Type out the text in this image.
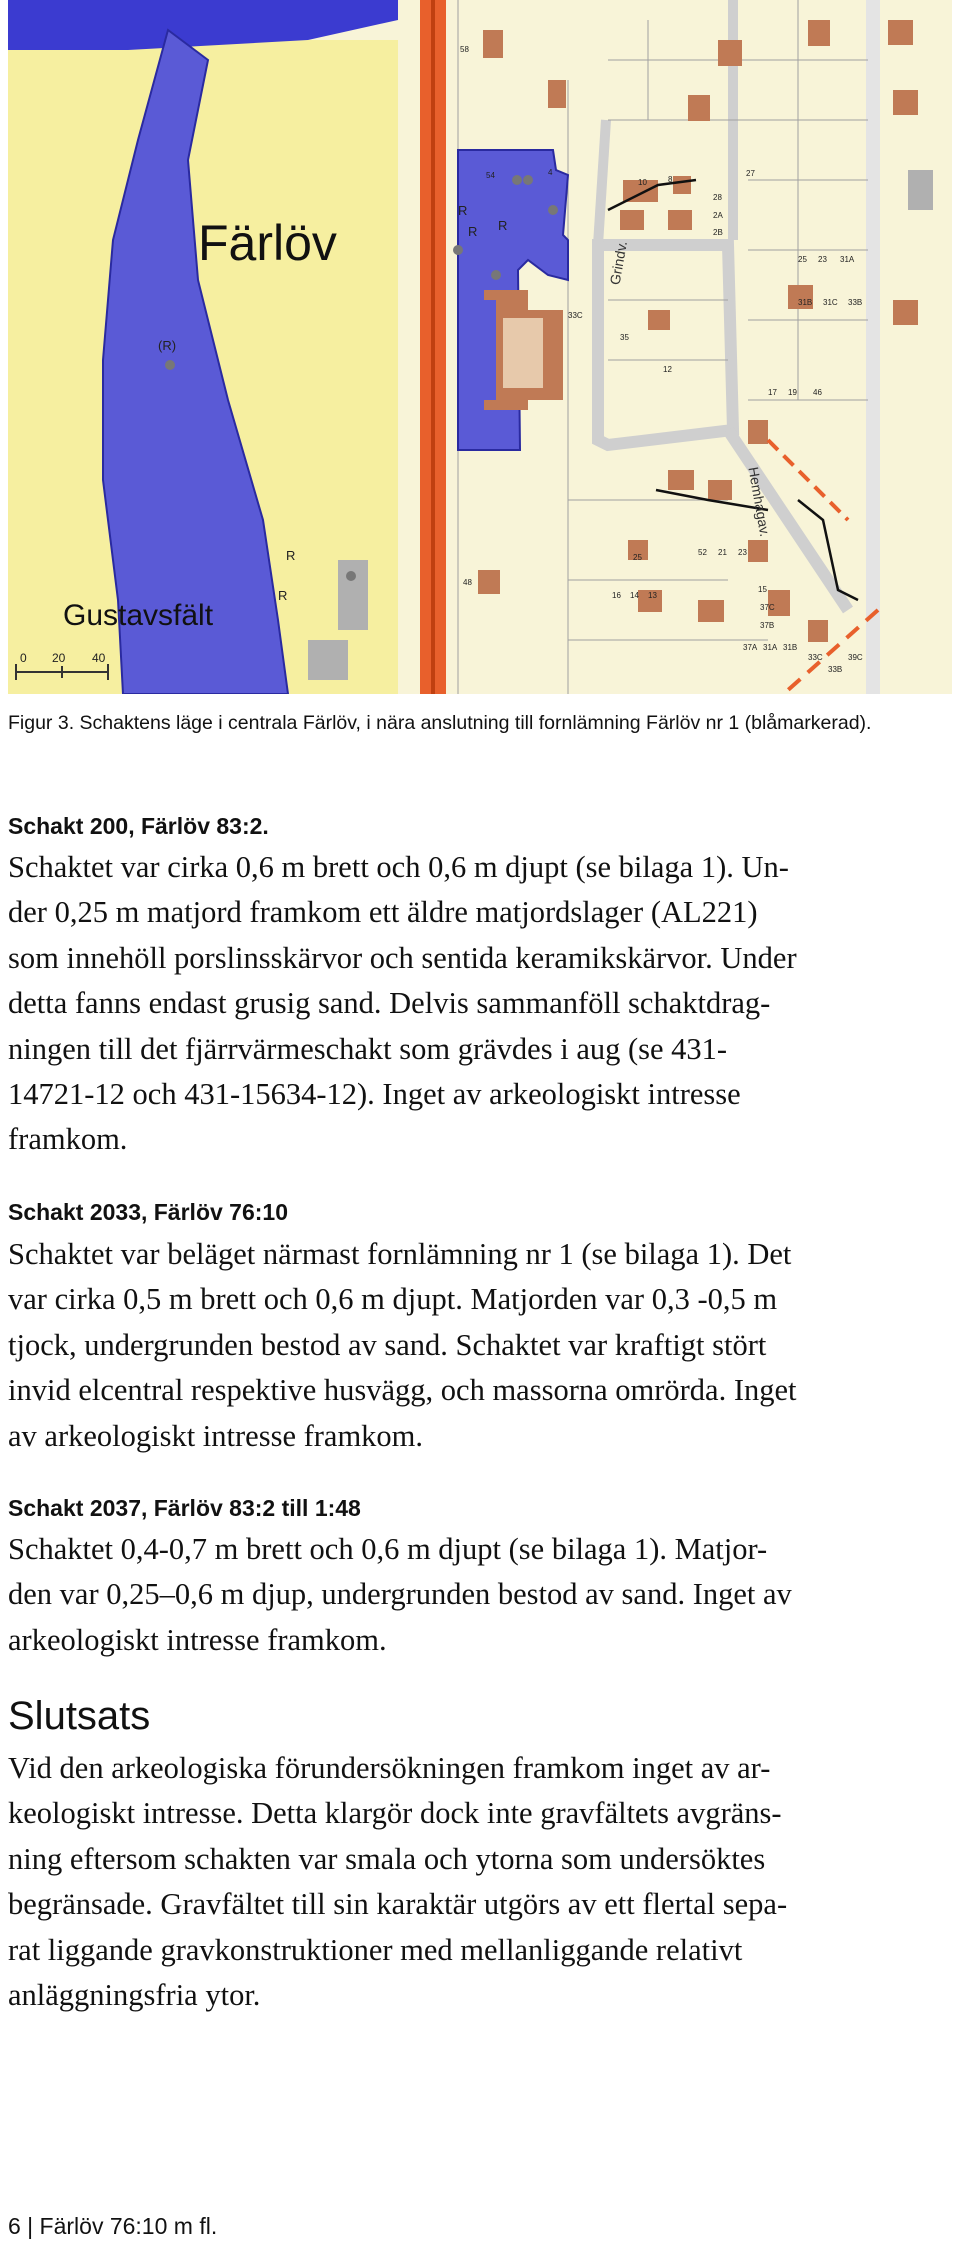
0 20 40
Färlöv
Gustavsfält
Grindv.
Hemhagav.
R
R
R
(R)
R
R
58
54	4
10	8
28
27
2A
2B
25 23 31A
31B 31C 33B
33C
35
12
16 14 13
17 19 46
48
52 21 23
25
15
37C
37B
37A 31A 31B
33C
33B
39C
Figur 3. Schaktens läge i centrala Färlöv, i nära anslutning till fornlämning Färlöv nr 1 (blåmarkerad).
Schakt 200, Färlöv 83:2.
Schaktet var cirka 0,6 m brett och 0,6 m djupt (se bilaga 1). Un-
der 0,25 m matjord framkom ett äldre matjordslager (AL221)
som innehöll porslinsskärvor och sentida keramikskärvor. Under
detta fanns endast grusig sand. Delvis sammanföll schaktdrag-
ningen till det fjärrvärmeschakt som grävdes i aug (se 431-
14721-12 och 431-15634-12). Inget av arkeologiskt intresse
framkom.
Schakt 2033, Färlöv 76:10
Schaktet var beläget närmast fornlämning nr 1 (se bilaga 1). Det
var cirka 0,5 m brett och 0,6 m djupt. Matjorden var 0,3 -0,5 m
tjock, undergrunden bestod av sand. Schaktet var kraftigt stört
invid elcentral respektive husvägg, och massorna omrörda. Inget
av arkeologiskt intresse framkom.
Schakt 2037, Färlöv 83:2 till 1:48
Schaktet 0,4-0,7 m brett och 0,6 m djupt (se bilaga 1). Matjor-
den var 0,25–0,6 m djup, undergrunden bestod av sand. Inget av
arkeologiskt intresse framkom.
Slutsats
Vid den arkeologiska förundersökningen framkom inget av ar-
keologiskt intresse. Detta klargör dock inte gravfältets avgräns-
ning eftersom schakten var smala och ytorna som undersöktes
begränsade. Gravfältet till sin karaktär utgörs av ett flertal sepa-
rat liggande gravkonstruktioner med mellanliggande relativt
anläggningsfria ytor.
6 | Färlöv 76:10 m fl.
